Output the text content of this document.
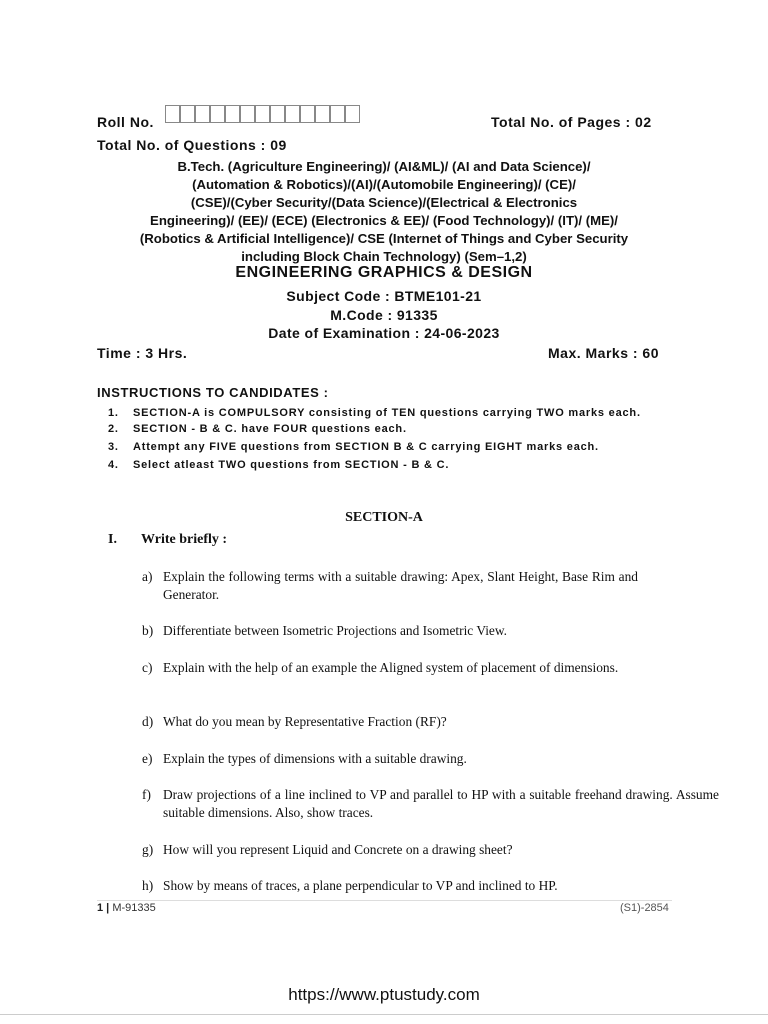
Roll No.	Total No. of Pages : 02
Total No. of Questions : 09
B.Tech. (Agriculture Engineering)/ (AI&ML)/ (AI and Data Science)/
(Automation & Robotics)/(AI)/(Automobile Engineering)/ (CE)/
(CSE)/(Cyber Security/(Data Science)/(Electrical & Electronics
Engineering)/ (EE)/ (ECE) (Electronics & EE)/ (Food Technology)/ (IT)/ (ME)/
(Robotics & Artificial Intelligence)/ CSE (Internet of Things and Cyber Security
including Block Chain Technology) (Sem–1,2)
ENGINEERING GRAPHICS & DESIGN
Subject Code : BTME101-21
M.Code : 91335
Date of Examination : 24-06-2023
Time : 3 Hrs.	Max. Marks : 60
INSTRUCTIONS TO CANDIDATES :
1.	SECTION-A is COMPULSORY consisting of TEN questions carrying TWO marks each.
2.	SECTION - B & C. have FOUR questions each.
3.	Attempt any FIVE questions from SECTION B & C carrying EIGHT marks each.
4.	Select atleast TWO questions from SECTION - B & C.
SECTION-A
I. Write briefly :
a) Explain the following terms with a suitable drawing: Apex, Slant Height, Base Rim and Generator.
b) Differentiate between Isometric Projections and Isometric View.
c) Explain with the help of an example the Aligned system of placement of dimensions.
d) What do you mean by Representative Fraction (RF)?
e) Explain the types of dimensions with a suitable drawing.
f) Draw projections of a line inclined to VP and parallel to HP with a suitable freehand drawing. Assume suitable dimensions. Also, show traces.
g) How will you represent Liquid and Concrete on a drawing sheet?
h) Show by means of traces, a plane perpendicular to VP and inclined to HP.
1 | M-91335	(S1)-2854
https://www.ptustudy.com
